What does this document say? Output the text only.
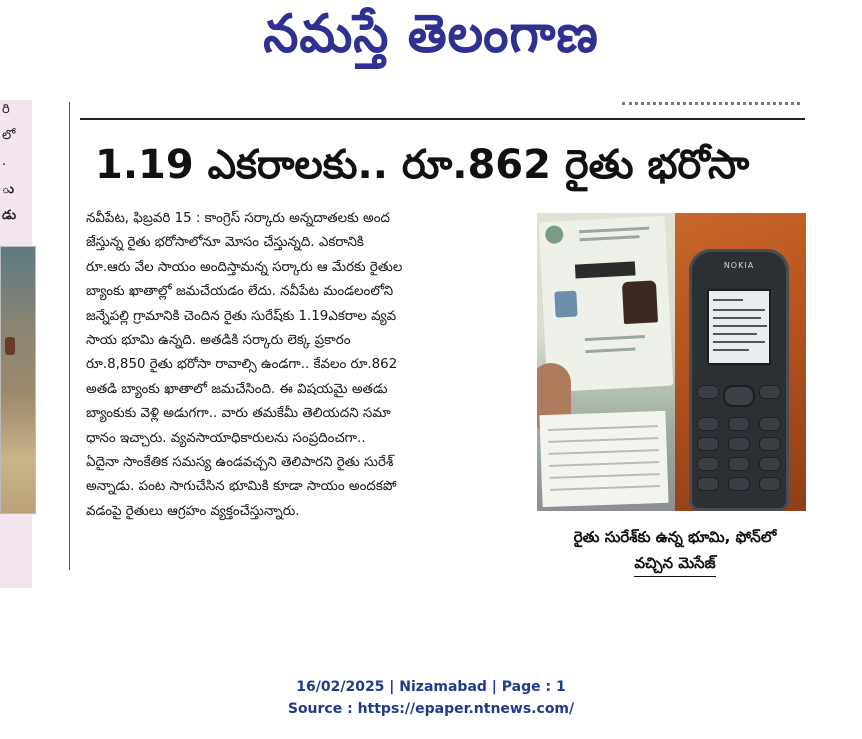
నమస్తే తెలంగాణ
రి
లో
.
ు
డు
1.19 ఎకరాలకు.. రూ.862 రైతు భరోసా

నవీపేట, ఫిబ్రవరి 15 : కాంగ్రెస్ సర్కారు అన్నదాతలకు అంద

జేస్తున్న రైతు భరోసాలోనూ మోసం చేస్తున్నది. ఎకరానికి

రూ.ఆరు వేల సాయం అందిస్తామన్న సర్కారు ఆ మేరకు రైతుల

బ్యాంకు ఖాతాల్లో జమచేయడం లేదు. నవీపేట మండలంలోని

జన్నేపల్లి గ్రామానికి చెందిన రైతు సురేష్‌కు 1.19ఎకరాల వ్యవ

సాయ భూమి ఉన్నది. అతడికి సర్కారు లెక్క ప్రకారం

రూ.8,850 రైతు భరోసా రావాల్సి ఉండగా.. కేవలం రూ.862

అతడి బ్యాంకు ఖాతాలో జమచేసింది. ఈ విషయమై అతడు

బ్యాంకుకు వెళ్లి అడుగగా.. వారు తమకేమీ తెలియదని సమా

ధానం ఇచ్చారు. వ్యవసాయాధికారులను సంప్రదించగా..

ఏదైనా సాంకేతిక సమస్య ఉండవచ్చని తెలిపారని రైతు సురేశ్

అన్నాడు. పంట సాగుచేసిన భూమికి కూడా సాయం అందకపో

వడంపై రైతులు ఆగ్రహం వ్యక్తంచేస్తున్నారు.

NOKIA
రైతు సురేశ్‌కు ఉన్న భూమి, ఫోన్‌లో
వచ్చిన మెసేజ్
16/02/2025 | Nizamabad | Page : 1
Source : https://epaper.ntnews.com/
